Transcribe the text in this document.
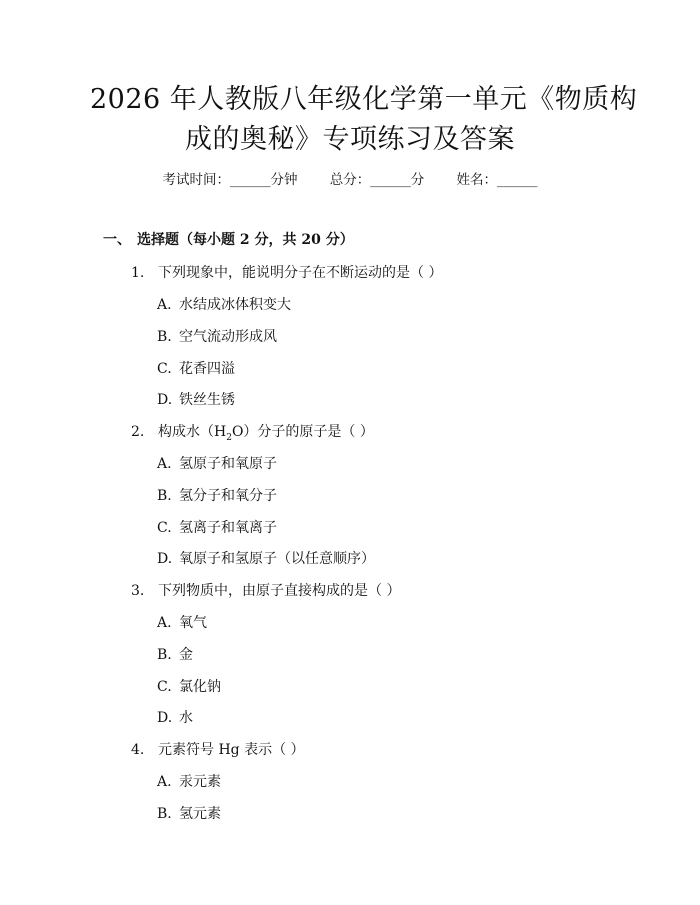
2026 年人教版八年级化学第一单元《物质构
成的奥秘》专项练习及答案
考试时间：______分钟 总分：______分 姓名：______
一、 选择题（每小题 2 分，共 20 分）
1. 下列现象中，能说明分子在不断运动的是（ ）
A. 水结成冰体积变大
B. 空气流动形成风
C. 花香四溢
D. 铁丝生锈
2. 构成水$(H_2O)$分子的原子是（ ）
A. 氢原子和氧原子
B. 氢分子和氧分子
C. 氢离子和氧离子
D. 氧原子和氢原子（以任意顺序）
3. 下列物质中，由原子直接构成的是（ ）
A. 氧气
B. 金
C. 氯化钠
D. 水
4. 元素符号 Hg 表示（ ）
A. 汞元素
B. 氢元素
